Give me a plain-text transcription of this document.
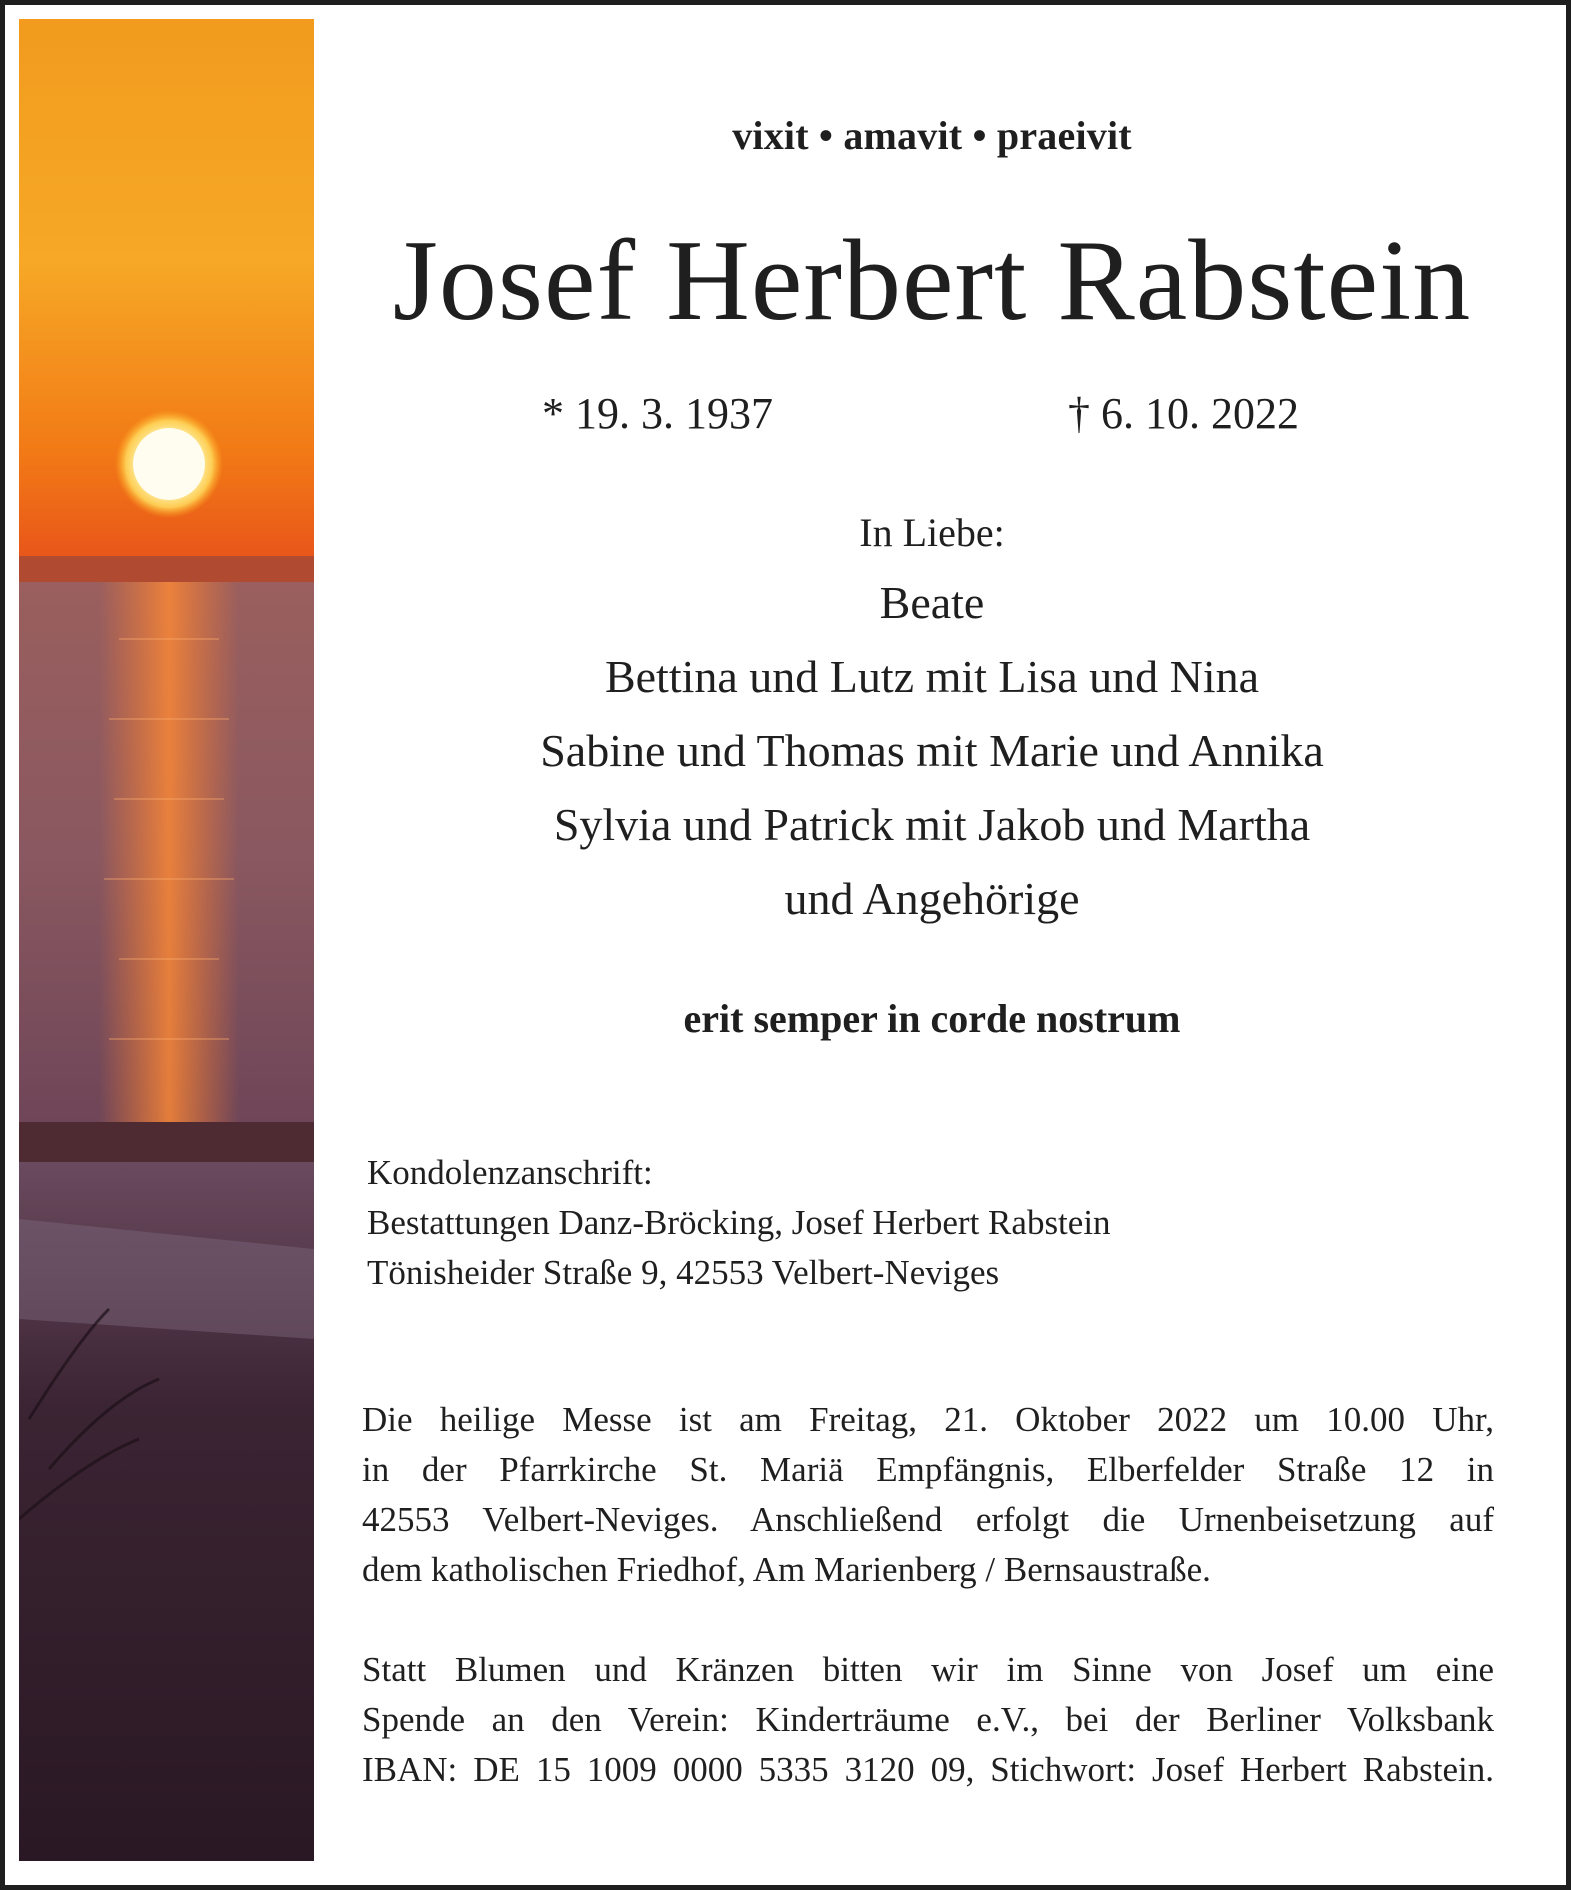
vixit • amavit • praeivit
Josef Herbert Rabstein
* 19. 3. 1937	† 6. 10. 2022
In Liebe:
Beate
Bettina und Lutz mit Lisa und Nina
Sabine und Thomas mit Marie und Annika
Sylvia und Patrick mit Jakob und Martha
und Angehörige
erit semper in corde nostrum
Kondolenzanschrift:
Bestattungen Danz-Bröcking, Josef Herbert Rabstein
Tönisheider Straße 9, 42553 Velbert-Neviges
Die heilige Messe ist am Freitag, 21. Oktober 2022 um 10.00 Uhr,
in der Pfarrkirche St. Mariä Empfängnis, Elberfelder Straße 12 in
42553 Velbert-Neviges. Anschließend erfolgt die Urnenbeisetzung auf
dem katholischen Friedhof, Am Marienberg / Bernsaustraße.
Statt Blumen und Kränzen bitten wir im Sinne von Josef um eine
Spende an den Verein: Kinderträume e.V., bei der Berliner Volksbank
IBAN: DE 15 1009 0000 5335 3120 09, Stichwort: Josef Herbert Rabstein.
